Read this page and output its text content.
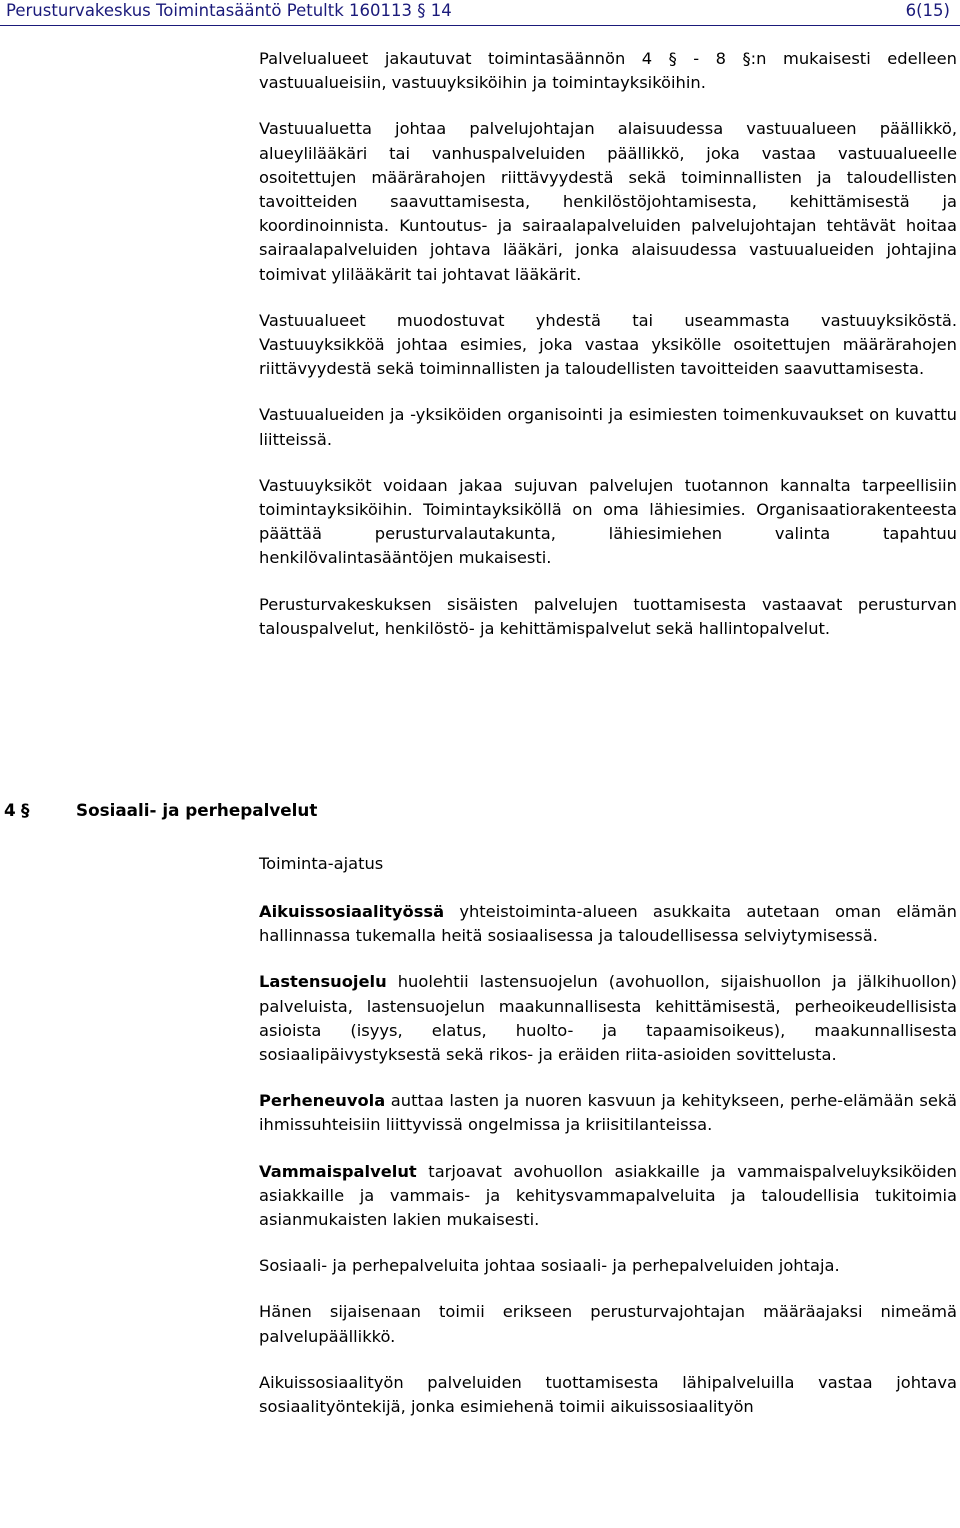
Perusturvakeskus Toimintasääntö Petultk 160113 § 14	6(15)

Palvelualueet jakautuvat toimintasäännön 4 § - 8 §:n mukaisesti edelleen vastuualueisiin, vastuuyksiköihin ja toimintayksiköihin.

Vastuualuetta johtaa palvelujohtajan alaisuudessa vastuualueen päällikkö, alueylilääkäri tai vanhuspalveluiden päällikkö, joka vastaa vastuualueelle osoitettujen määrärahojen riittävyydestä sekä toiminnallisten ja taloudellisten tavoitteiden saavuttamisesta, henkilöstöjohtamisesta, kehittämisestä ja koordinoinnista. Kuntoutus- ja sairaalapalveluiden palvelujohtajan tehtävät hoitaa sairaalapalveluiden johtava lääkäri, jonka alaisuudessa vastuualueiden johtajina toimivat ylilääkärit tai johtavat lääkärit.

Vastuualueet muodostuvat yhdestä tai useammasta vastuuyksiköstä. Vastuuyksikköä johtaa esimies, joka vastaa yksikölle osoitettujen määrärahojen riittävyydestä sekä toiminnallisten ja taloudellisten tavoitteiden saavuttamisesta.

Vastuualueiden ja -yksiköiden organisointi ja esimiesten toimenkuvaukset on kuvattu liitteissä.

Vastuuyksiköt voidaan jakaa sujuvan palvelujen tuotannon kannalta tarpeellisiin toimintayksiköihin. Toimintayksiköllä on oma lähiesimies. Organisaatiorakenteesta päättää perusturvalautakunta, lähiesimiehen valinta tapahtuu henkilövalintasääntöjen mukaisesti.

Perusturvakeskuksen sisäisten palvelujen tuottamisesta vastaavat perusturvan talouspalvelut, henkilöstö- ja kehittämispalvelut sekä hallintopalvelut.

4 §	Sosiaali- ja perhepalvelut
Toiminta-ajatus

Aikuissosiaalityössä yhteistoiminta-alueen asukkaita autetaan oman elämän hallinnassa tukemalla heitä sosiaalisessa ja taloudellisessa selviytymisessä.

Lastensuojelu huolehtii lastensuojelun (avohuollon, sijaishuollon ja jälkihuollon) palveluista, lastensuojelun maakunnallisesta kehittämisestä, perheoikeudellisista asioista (isyys, elatus, huolto- ja tapaamisoikeus), maakunnallisesta sosiaalipäivystyksestä sekä rikos- ja eräiden riita-asioiden sovittelusta.

Perheneuvola auttaa lasten ja nuoren kasvuun ja kehitykseen, perhe-elämään sekä ihmissuhteisiin liittyvissä ongelmissa ja kriisitilanteissa.

Vammaispalvelut tarjoavat avohuollon asiakkaille ja vammaispalveluyksiköiden asiakkaille ja vammais- ja kehitysvammapalveluita ja taloudellisia tukitoimia asianmukaisten lakien mukaisesti.

Sosiaali- ja perhepalveluita johtaa sosiaali- ja perhepalveluiden johtaja.

Hänen sijaisenaan toimii erikseen perusturvajohtajan määräajaksi nimeämä palvelupäällikkö.

Aikuissosiaalityön palveluiden tuottamisesta lähipalveluilla vastaa johtava sosiaalityöntekijä, jonka esimiehenä toimii aikuissosiaalityön
